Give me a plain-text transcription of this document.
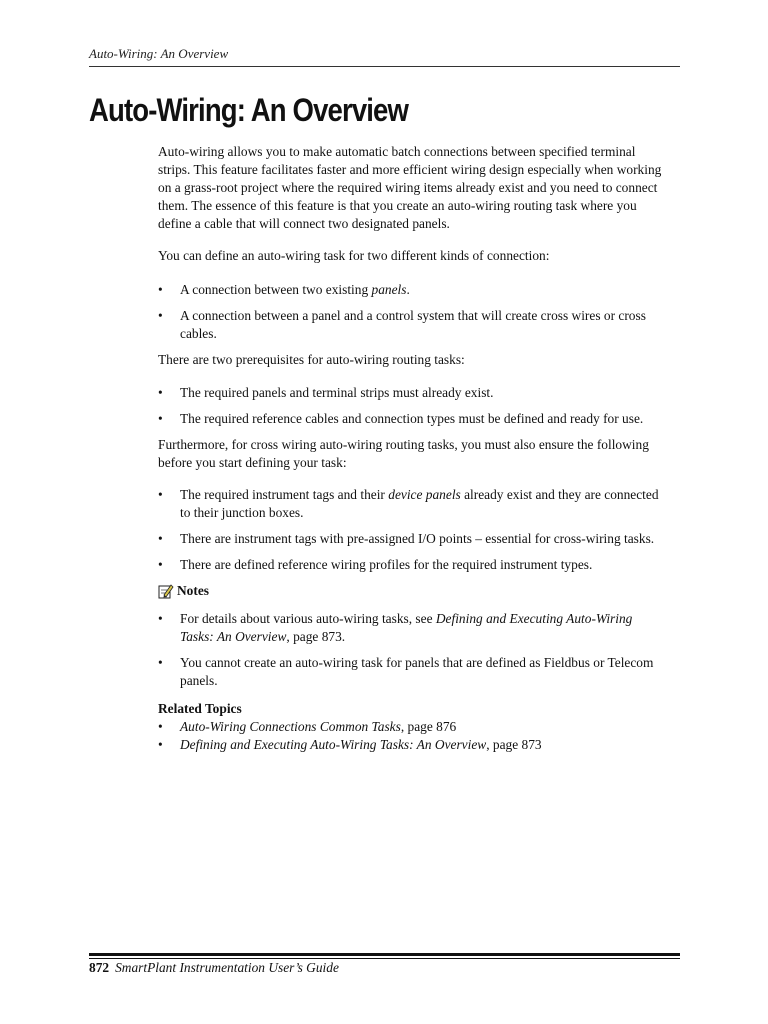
Auto-Wiring: An Overview
Auto-Wiring: An Overview

Auto-wiring allows you to make automatic batch connections between specified terminal strips. This feature facilitates faster and more efficient wiring design especially when working on a grass-root project where the required wiring items already exist and you need to connect them. The essence of this feature is that you create an auto-wiring routing task where you define a cable that will connect two designated panels.

You can define an auto-wiring task for two different kinds of connection:

• A connection between two existing panels.
• A connection between a panel and a control system that will create cross wires or cross cables.

There are two prerequisites for auto-wiring routing tasks:

• The required panels and terminal strips must already exist.
• The required reference cables and connection types must be defined and ready for use.

Furthermore, for cross wiring auto-wiring routing tasks, you must also ensure the following before you start defining your task:

• The required instrument tags and their device panels already exist and they are connected to their junction boxes.
• There are instrument tags with pre-assigned I/O points – essential for cross-wiring tasks.
• There are defined reference wiring profiles for the required instrument types.
Notes
• For details about various auto-wiring tasks, see Defining and Executing Auto-Wiring Tasks: An Overview, page 873.
• You cannot create an auto-wiring task for panels that are defined as Fieldbus or Telecom panels.
Related Topics
• Auto-Wiring Connections Common Tasks, page 876
• Defining and Executing Auto-Wiring Tasks: An Overview, page 873
872 SmartPlant Instrumentation User’s Guide
